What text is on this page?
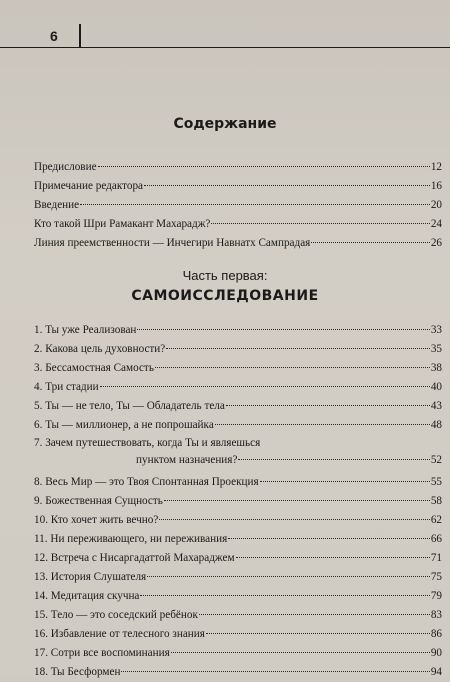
6
Содержание
Предисловие	12
Примечание редактора	16
Введение	20
Кто такой Шри Рамакант Махарадж?	24
Линия преемственности — Инчегири Навнатх Сампрадая	26
Часть первая:
САМОИССЛЕДОВАНИЕ
1. Ты уже Реализован	33
2. Какова цель духовности?	35
3. Бессамостная Самость	38
4. Три стадии	40
5. Ты — не тело, Ты — Обладатель тела	43
6. Ты — миллионер, а не попрошайка	48
7. Зачем путешествовать, когда Ты и являешься
пунктом назначения?	52
8. Весь Мир — это Твоя Спонтанная Проекция	55
9. Божественная Сущность	58
10. Кто хочет жить вечно?	62
11. Ни переживающего, ни переживания	66
12. Встреча с Нисаргадаттой Махараджем	71
13. История Слушателя	75
14. Медитация скучна	79
15. Тело — это соседский ребёнок	83
16. Избавление от телесного знания	86
17. Сотри все воспоминания	90
18. Ты Бесформен	94
